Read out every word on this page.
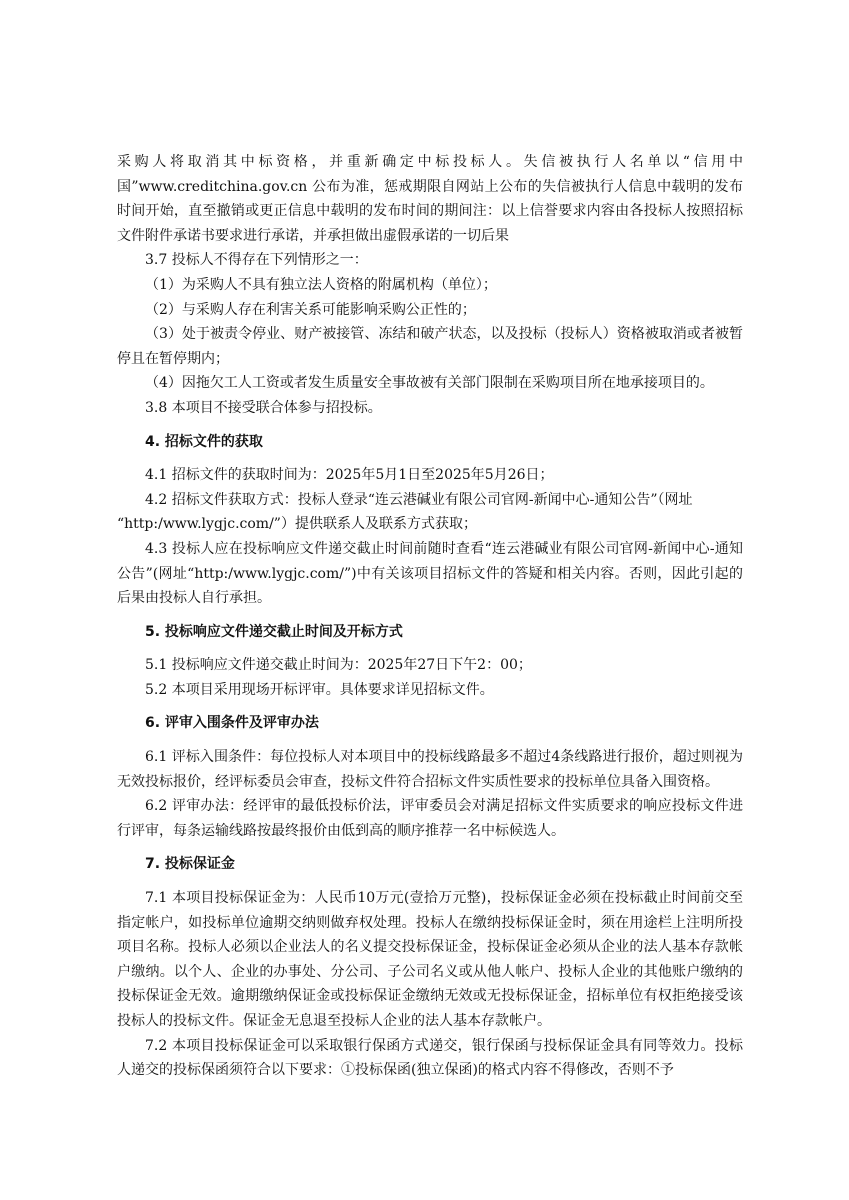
采购人将取消其中标资格，并重新确定中标投标人。失信被执行人名单以“信用中国”www.creditchina.gov.cn 公布为准，惩戒期限自网站上公布的失信被执行人信息中载明的发布时间开始，直至撤销或更正信息中载明的发布时间的期间注：以上信誉要求内容由各投标人按照招标文件附件承诺书要求进行承诺，并承担做出虚假承诺的一切后果

3.7 投标人不得存在下列情形之一：

（1）为采购人不具有独立法人资格的附属机构（单位）；

（2）与采购人存在利害关系可能影响采购公正性的；

（3）处于被责令停业、财产被接管、冻结和破产状态，以及投标（投标人）资格被取消或者被暂停且在暂停期内；

（4）因拖欠工人工资或者发生质量安全事故被有关部门限制在采购项目所在地承接项目的。

3.8 本项目不接受联合体参与招投标。

4. 招标文件的获取

4.1 招标文件的获取时间为：2025年5月1日至2025年5月26日；

4.2 招标文件获取方式：投标人登录“连云港碱业有限公司官网-新闻中心-通知公告”（网址

“http:/www.lygjc.com/”）提供联系人及联系方式获取；

4.3 投标人应在投标响应文件递交截止时间前随时查看“连云港碱业有限公司官网-新闻中心-通知公告”(网址“http:/www.lygjc.com/”)中有关该项目招标文件的答疑和相关内容。否则，因此引起的后果由投标人自行承担。

5. 投标响应文件递交截止时间及开标方式

5.1 投标响应文件递交截止时间为：2025年27日下午2：00；

5.2 本项目采用现场开标评审。具体要求详见招标文件。

6. 评审入围条件及评审办法

6.1 评标入围条件：每位投标人对本项目中的投标线路最多不超过4条线路进行报价，超过则视为无效投标报价，经评标委员会审查，投标文件符合招标文件实质性要求的投标单位具备入围资格。

6.2 评审办法：经评审的最低投标价法，评审委员会对满足招标文件实质要求的响应投标文件进行评审，每条运输线路按最终报价由低到高的顺序推荐一名中标候选人。

7. 投标保证金

7.1 本项目投标保证金为：人民币10万元(壹拾万元整)，投标保证金必须在投标截止时间前交至指定帐户，如投标单位逾期交纳则做弃权处理。投标人在缴纳投标保证金时，须在用途栏上注明所投项目名称。投标人必须以企业法人的名义提交投标保证金，投标保证金必须从企业的法人基本存款帐户缴纳。以个人、企业的办事处、分公司、子公司名义或从他人帐户、投标人企业的其他账户缴纳的投标保证金无效。逾期缴纳保证金或投标保证金缴纳无效或无投标保证金，招标单位有权拒绝接受该投标人的投标文件。保证金无息退至投标人企业的法人基本存款帐户。

7.2 本项目投标保证金可以采取银行保函方式递交，银行保函与投标保证金具有同等效力。投标人递交的投标保函须符合以下要求：①投标保函(独立保函)的格式内容不得修改，否则不予
